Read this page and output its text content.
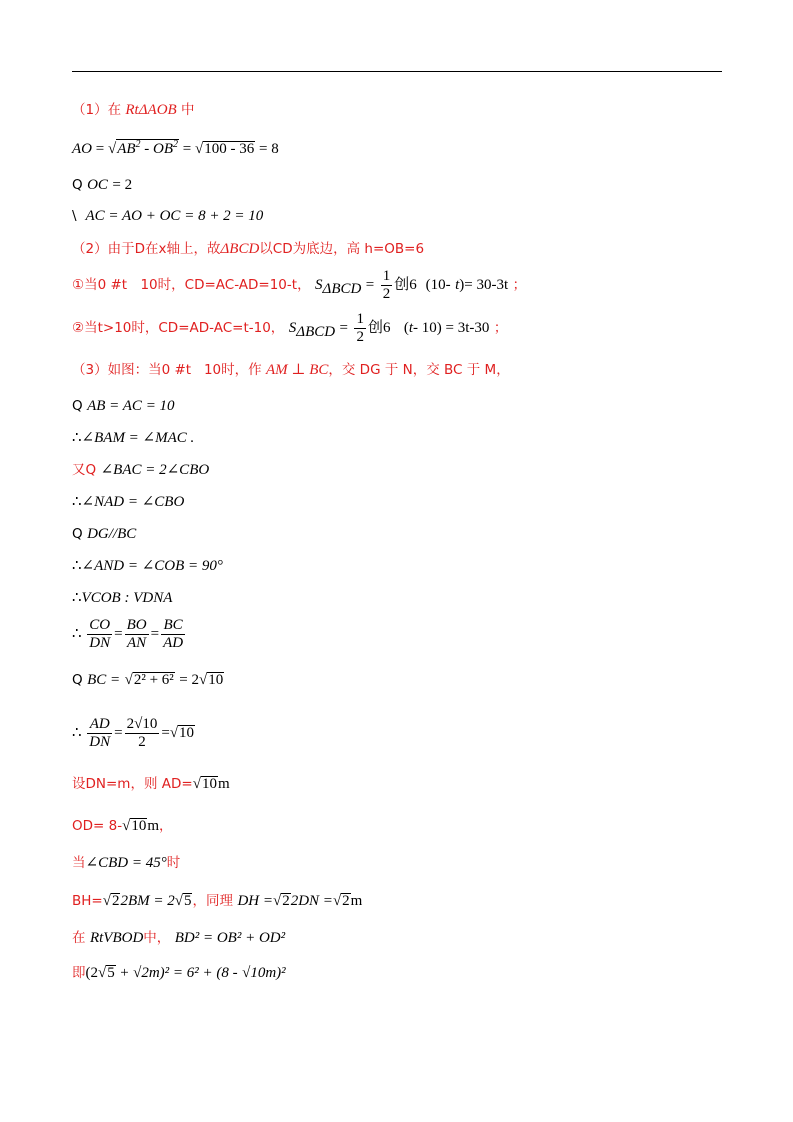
（1）在 RtΔAOB 中
AO = $√AB^2 - OB^2 = √100 - 36 = 8$
Q OC = 2
\ AC = AO + OC = 8 + 2 = 10
（2）由于D在x轴上，故ΔBCD以CD为底边，高 h=OB=6
①当0 #t 10时，CD=AC-AD=10-t， $S_{\Delta BCD} = \frac{1}{2}$ 创6 (10- t)= 30-3t ；
②当t>10时，CD=AD-AC=t-10， $S_{\Delta BCD} = \frac{1}{2}$ 创6 (t- 10) = 3t-30 ；
（3）如图：当0 #t 10时，作 AM ⊥ BC，交 DG 于 N，交 BC 于 M，
Q AB = AC = 10
∴∠BAM = ∠MAC .
又Q ∠BAC = 2∠CBO
∴∠NAD = ∠CBO
Q DG//BC
∴∠AND = ∠COB = 90°
∴VCOB : VDNA
∴ $\frac{CO}{DN} = \frac{BO}{AN} = \frac{BC}{AD}$
Q BC = √2² + 6² = 2√10
∴ $\frac{AD}{DN} = \frac{2√10}{2} =√10$
设DN=m，则 AD=√10m
OD= 8-√10m，
当∠CBD = 45°时
BH=√22BM = 2√5，同理 DH =√22DN =√2m
在 RtVBOD中， BD² = OB² + OD²
即(2√5 + √2m)² = 6² + (8 - √10m)²
